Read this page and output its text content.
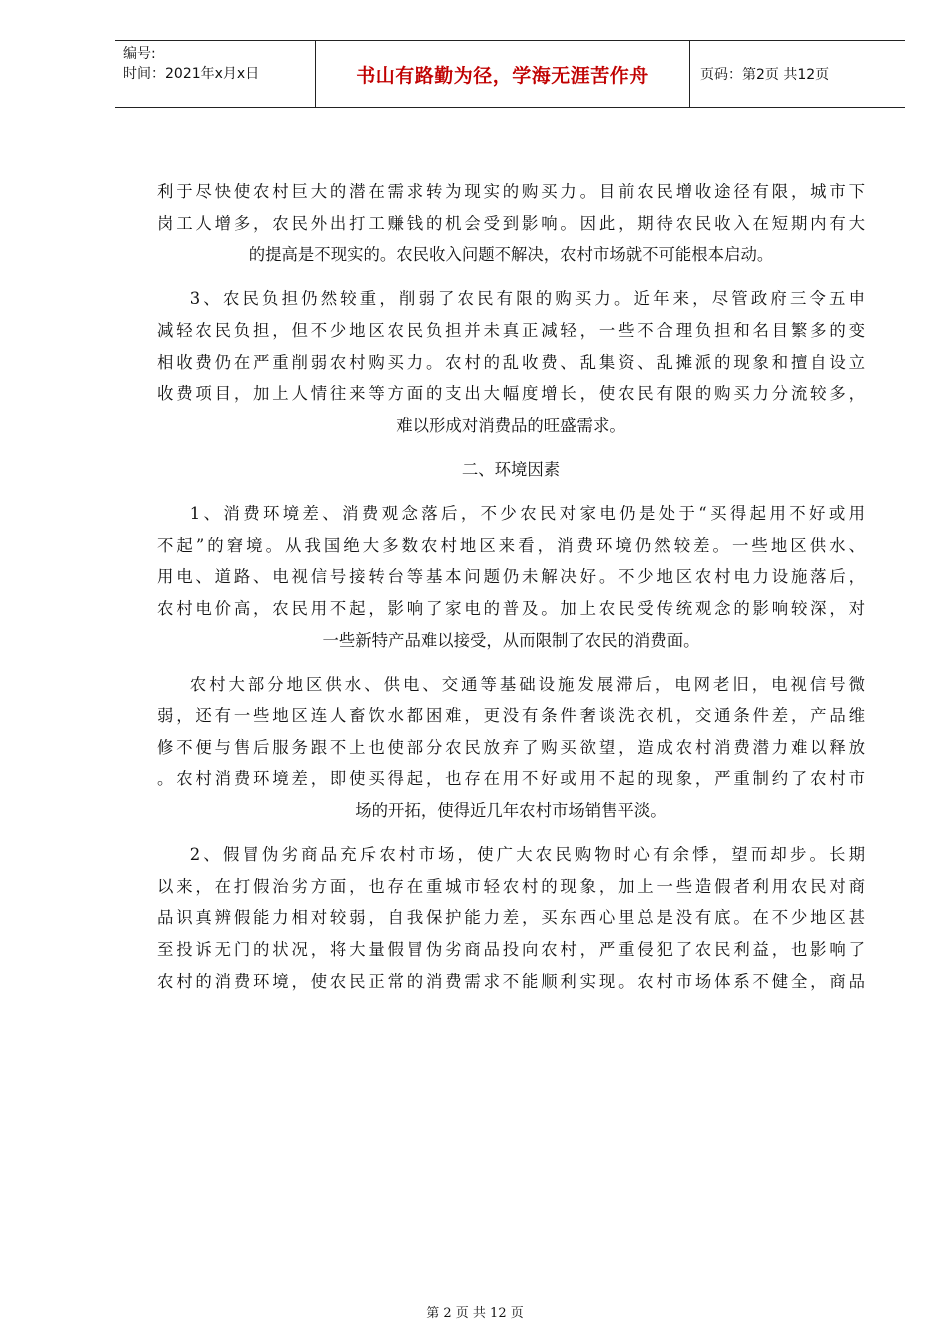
编号:
时间：2021年x月x日	书山有路勤为径，学海无涯苦作舟	页码：第2页 共12页

利于尽快使农村巨大的潜在需求转为现实的购买力。目前农民增收途径有限，城市下
岗工人增多，农民外出打工赚钱的机会受到影响。因此，期待农民收入在短期内有大
的提高是不现实的。农民收入问题不解决，农村市场就不可能根本启动。

3、农民负担仍然较重，削弱了农民有限的购买力。近年来，尽管政府三令五申
减轻农民负担，但不少地区农民负担并未真正减轻，一些不合理负担和名目繁多的变
相收费仍在严重削弱农村购买力。农村的乱收费、乱集资、乱摊派的现象和擅自设立
收费项目，加上人情往来等方面的支出大幅度增长，使农民有限的购买力分流较多，
难以形成对消费品的旺盛需求。

二、环境因素

1、消费环境差、消费观念落后，不少农民对家电仍是处于“买得起用不好或用
不起”的窘境。从我国绝大多数农村地区来看，消费环境仍然较差。一些地区供水、
用电、道路、电视信号接转台等基本问题仍未解决好。不少地区农村电力设施落后，
农村电价高，农民用不起，影响了家电的普及。加上农民受传统观念的影响较深，对
一些新特产品难以接受，从而限制了农民的消费面。

农村大部分地区供水、供电、交通等基础设施发展滞后，电网老旧，电视信号微
弱，还有一些地区连人畜饮水都困难，更没有条件奢谈洗衣机，交通条件差，产品维
修不便与售后服务跟不上也使部分农民放弃了购买欲望，造成农村消费潜力难以释放
。农村消费环境差，即使买得起，也存在用不好或用不起的现象，严重制约了农村市
场的开拓，使得近几年农村市场销售平淡。

2、假冒伪劣商品充斥农村市场，使广大农民购物时心有余悸，望而却步。长期
以来，在打假治劣方面，也存在重城市轻农村的现象，加上一些造假者利用农民对商
品识真辨假能力相对较弱，自我保护能力差，买东西心里总是没有底。在不少地区甚
至投诉无门的状况，将大量假冒伪劣商品投向农村，严重侵犯了农民利益，也影响了
农村的消费环境，使农民正常的消费需求不能顺利实现。农村市场体系不健全，商品

第 2 页 共 12 页
